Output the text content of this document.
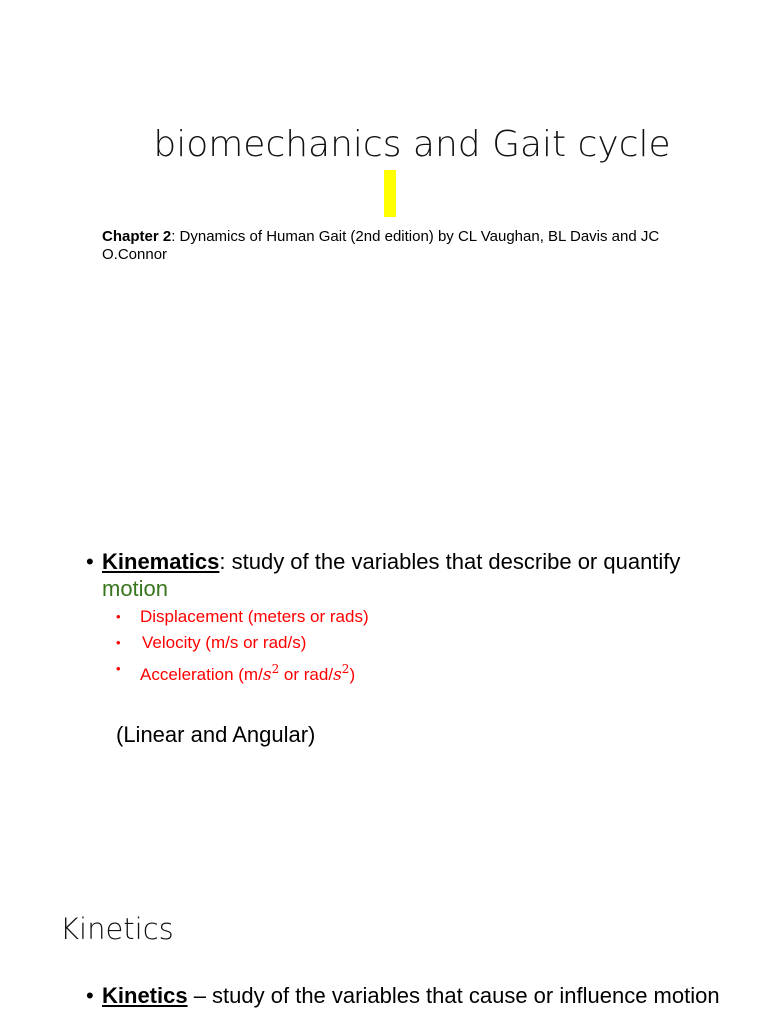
biomechanics and Gait cycle
Chapter 2: Dynamics of Human Gait (2nd edition) by CL Vaughan, BL Davis and JC O.Connor
• Kinematics: study of the variables that describe or quantify motion
• Displacement (meters or rads)
• Velocity (m/s or rad/s)
• Acceleration ($m/s^2$ or rad/$s^2$)
(Linear and Angular)
Kinetics
• Kinetics – study of the variables that cause or influence motion
